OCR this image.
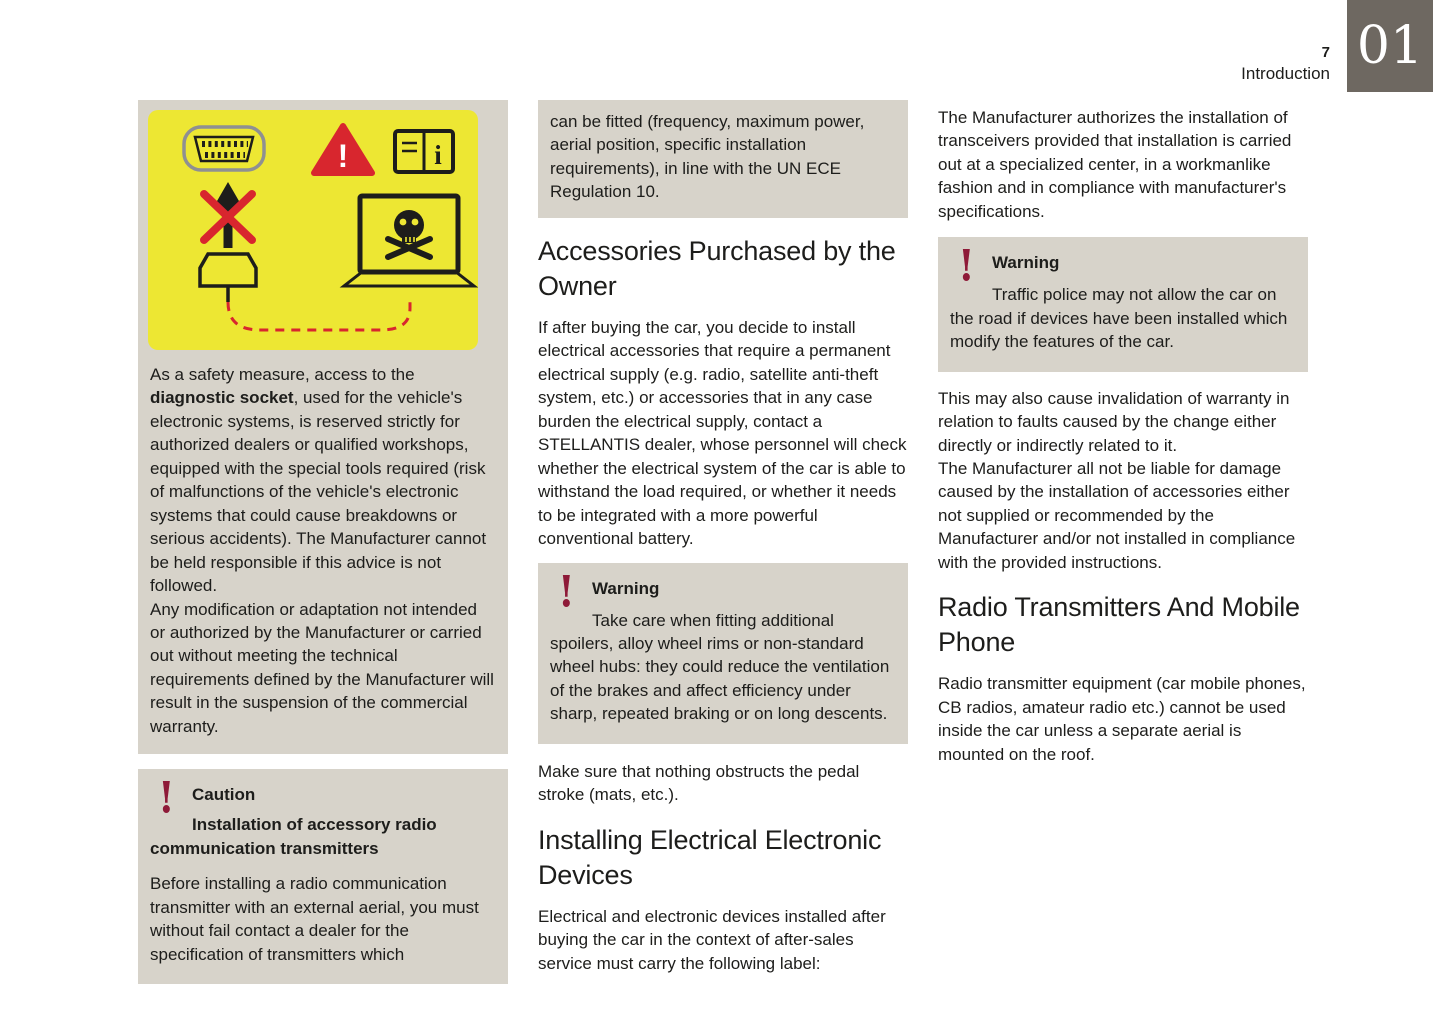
7
Introduction 01
!	i

As a safety measure, access to the diagnostic socket, used for the vehicle's electronic systems, is reserved strictly for authorized dealers or qualified workshops, equipped with the special tools required (risk of malfunctions of the vehicle's electronic systems that could cause breakdowns or serious accidents). The Manufacturer cannot be held responsible if this advice is not followed.

Any modification or adaptation not intended or authorized by the Manufacturer or carried out without meeting the technical requirements defined by the Manufacturer will result in the suspension of the commercial warranty.

!	Caution
Installation of accessory radio communication transmitters
Before installing a radio communication transmitter with an external aerial, you must without fail contact a dealer for the specification of transmitters which
can be fitted (frequency, maximum power, aerial position, specific installation requirements), in line with the UN ECE Regulation 10.
Accessories Purchased by the Owner

If after buying the car, you decide to install electrical accessories that require a permanent electrical supply (e.g. radio, satellite anti-theft system, etc.) or accessories that in any case burden the electrical supply, contact a STELLANTIS dealer, whose personnel will check whether the electrical system of the car is able to withstand the load required, or whether it needs to be integrated with a more powerful conventional battery.

!	Warning
Take care when fitting additional spoilers, alloy wheel rims or non-standard wheel hubs: they could reduce the ventilation of the brakes and affect efficiency under sharp, repeated braking or on long descents.

Make sure that nothing obstructs the pedal stroke (mats, etc.).

Installing Electrical Electronic Devices

Electrical and electronic devices installed after buying the car in the context of after-sales service must carry the following label:

The Manufacturer authorizes the installation of transceivers provided that installation is carried out at a specialized center, in a workmanlike fashion and in compliance with manufacturer's specifications.

!	Warning
Traffic police may not allow the car on the road if devices have been installed which modify the features of the car.

This may also cause invalidation of warranty in relation to faults caused by the change either directly or indirectly related to it.

The Manufacturer all not be liable for damage caused by the installation of accessories either not supplied or recommended by the Manufacturer and/or not installed in compliance with the provided instructions.

Radio Transmitters And Mobile Phone

Radio transmitter equipment (car mobile phones, CB radios, amateur radio etc.) cannot be used inside the car unless a separate aerial is mounted on the roof.
